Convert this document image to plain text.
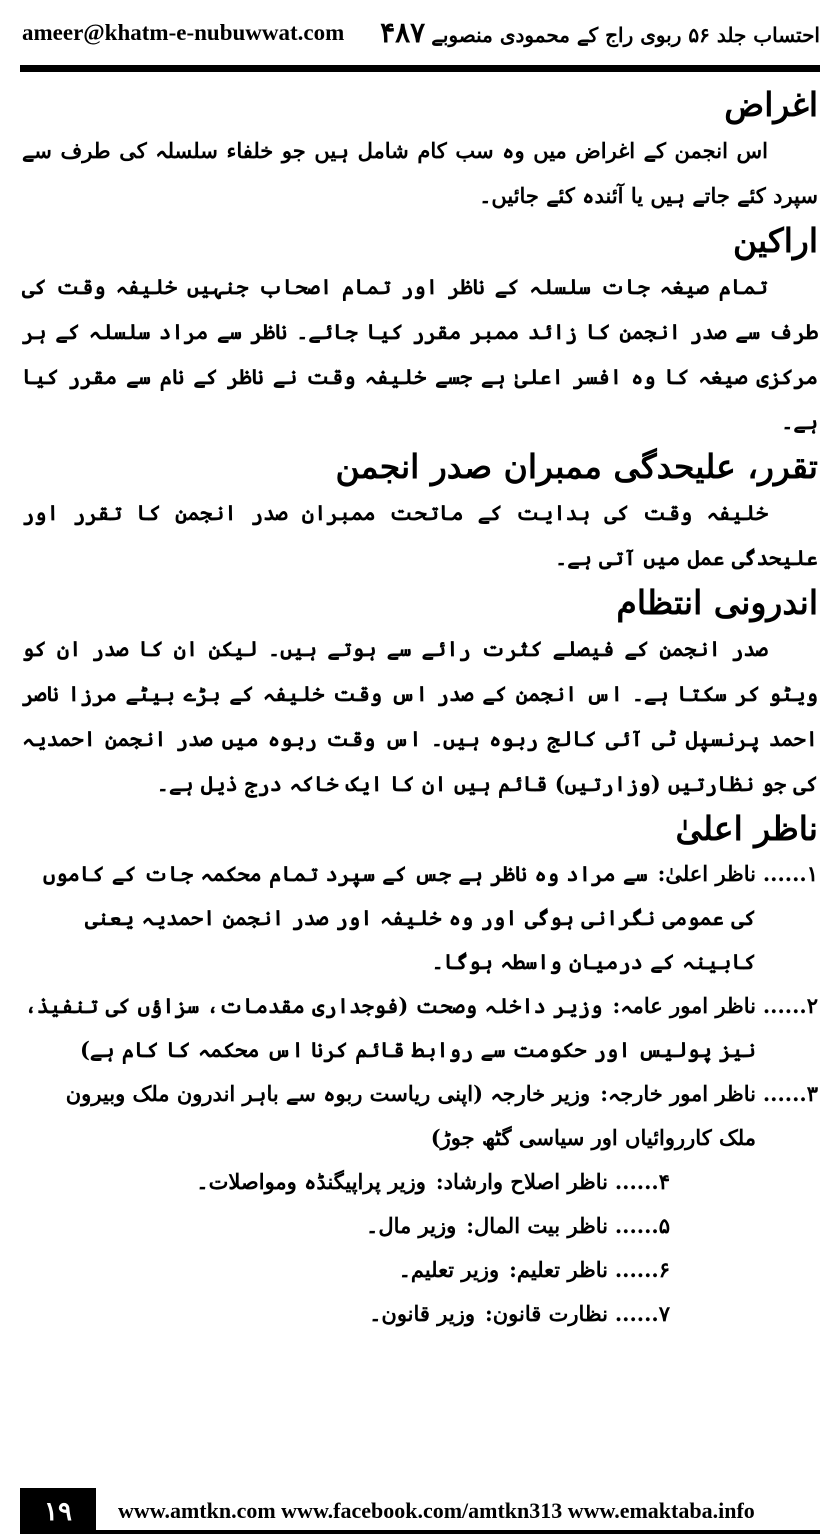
ameer@khatm-e-nubuwwat.com	احتساب جلد ۵۶ ربوی راج کے محمودی منصوبے۴۸۷
اغراض

اس انجمن کے اغراض میں وہ سب کام شامل ہیں جو خلفاء سلسلہ کی طرف سے سپرد کئے جاتے ہیں یا آئندہ کئے جائیں۔

اراکین

تمام صیغہ جات سلسلہ کے ناظر اور تمام اصحاب جنہیں خلیفہ وقت کی طرف سے صدر انجمن کا زائد ممبر مقرر کیا جائے۔ ناظر سے مراد سلسلہ کے ہر مرکزی صیغہ کا وہ افسر اعلیٰ ہے جسے خلیفہ وقت نے ناظر کے نام سے مقرر کیا ہے۔

تقرر، علیحدگی ممبران صدر انجمن

خلیفہ وقت کی ہدایت کے ماتحت ممبران صدر انجمن کا تقرر اور علیحدگی عمل میں آتی ہے۔

اندرونی انتظام

صدر انجمن کے فیصلے کثرت رائے سے ہوتے ہیں۔ لیکن ان کا صدر ان کو ویٹو کر سکتا ہے۔ اس انجمن کے صدر اس وقت خلیفہ کے بڑے بیٹے مرزا ناصر احمد پرنسپل ٹی آئی کالج ربوہ ہیں۔ اس وقت ربوہ میں صدر انجمن احمدیہ کی جو نظارتیں (وزارتیں) قائم ہیں ان کا ایک خاکہ درج ذیل ہے۔

ناظر اعلیٰ
۱......
ناظر اعلیٰ:سے مراد وہ ناظر ہے جس کے سپرد تمام محکمہ جات کے کاموں کی عمومی نگرانی ہوگی اور وہ خلیفہ اور صدر انجمن احمدیہ یعنی کابینہ کے درمیان واسطہ ہوگا۔
۲......
ناظر امور عامہ:وزیر داخلہ وصحت (فوجداری مقدمات، سزاؤں کی تنفیذ، نیز پولیس اور حکومت سے روابط قائم کرنا اس محکمہ کا کام ہے)
۳......
ناظر امور خارجہ:وزیر خارجہ (اپنی ریاست ربوہ سے باہر اندرون ملک وبیرون ملک کارروائیاں اور سیاسی گٹھ جوڑ)
۴......
ناظر اصلاح وارشاد:وزیر پراپیگنڈہ ومواصلات۔
۵......
ناظر بیت المال:وزیر مال۔
۶......
ناظر تعلیم:وزیر تعلیم۔
۷......
نظارت قانون:وزیر قانون۔
۱۹	www.amtkn.com www.facebook.com/amtkn313 www.emaktaba.info
